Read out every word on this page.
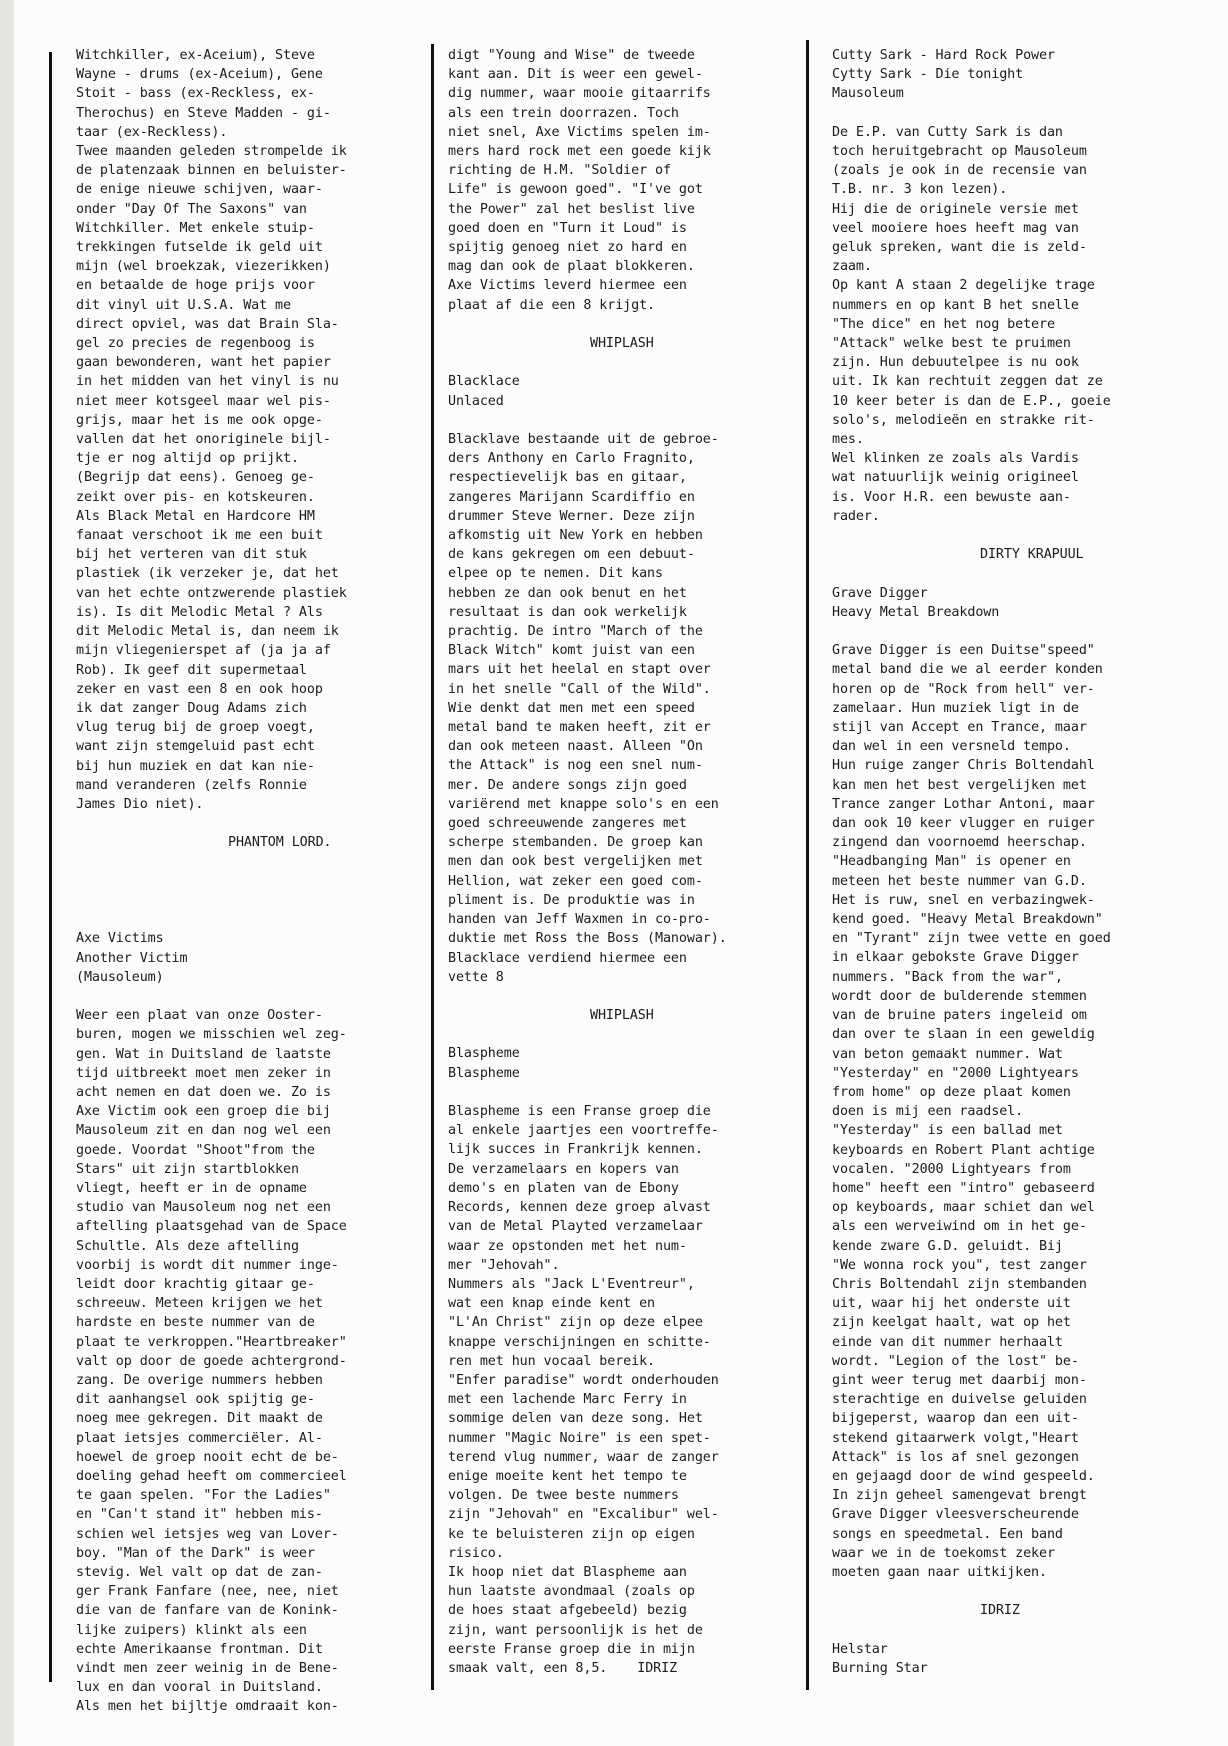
Witchkiller, ex-Aceium), Steve

Wayne - drums (ex-Aceium), Gene

Stoit - bass (ex-Reckless, ex-

Therochus) en Steve Madden - gi-

taar (ex-Reckless).

Twee maanden geleden strompelde ik

de platenzaak binnen en beluister-

de enige nieuwe schijven, waar-

onder "Day Of The Saxons" van

Witchkiller. Met enkele stuip-

trekkingen futselde ik geld uit

mijn (wel broekzak, viezerikken)

en betaalde de hoge prijs voor

dit vinyl uit U.S.A. Wat me

direct opviel, was dat Brain Sla-

gel zo precies de regenboog is

gaan bewonderen, want het papier

in het midden van het vinyl is nu

niet meer kotsgeel maar wel pis-

grijs, maar het is me ook opge-

vallen dat het onoriginele bijl-

tje er nog altijd op prijkt.

(Begrijp dat eens). Genoeg ge-

zeikt over pis- en kotskeuren.

Als Black Metal en Hardcore HM

fanaat verschoot ik me een buit

bij het verteren van dit stuk

plastiek (ik verzeker je, dat het

van het echte ontzwerende plastiek

is). Is dit Melodic Metal ? Als

dit Melodic Metal is, dan neem ik

mijn vliegenierspet af (ja ja af

Rob). Ik geef dit supermetaal

zeker en vast een 8 en ook hoop

ik dat zanger Doug Adams zich

vlug terug bij de groep voegt,

want zijn stemgeluid past echt

bij hun muziek en dat kan nie-

mand veranderen (zelfs Ronnie

James Dio niet).

PHANTOM LORD.

Axe Victims

Another Victim

(Mausoleum)

Weer een plaat van onze Ooster-

buren, mogen we misschien wel zeg-

gen. Wat in Duitsland de laatste

tijd uitbreekt moet men zeker in

acht nemen en dat doen we. Zo is

Axe Victim ook een groep die bij

Mausoleum zit en dan nog wel een

goede. Voordat "Shoot"from the

Stars" uit zijn startblokken

vliegt, heeft er in de opname

studio van Mausoleum nog net een

aftelling plaatsgehad van de Space

Schultle. Als deze aftelling

voorbij is wordt dit nummer inge-

leidt door krachtig gitaar ge-

schreeuw. Meteen krijgen we het

hardste en beste nummer van de

plaat te verkroppen."Heartbreaker"

valt op door de goede achtergrond-

zang. De overige nummers hebben

dit aanhangsel ook spijtig ge-

noeg mee gekregen. Dit maakt de

plaat ietsjes commerciëler. Al-

hoewel de groep nooit echt de be-

doeling gehad heeft om commercieel

te gaan spelen. "For the Ladies"

en "Can't stand it" hebben mis-

schien wel ietsjes weg van Lover-

boy. "Man of the Dark" is weer

stevig. Wel valt op dat de zan-

ger Frank Fanfare (nee, nee, niet

die van de fanfare van de Konink-

lijke zuipers) klinkt als een

echte Amerikaanse frontman. Dit

vindt men zeer weinig in de Bene-

lux en dan vooral in Duitsland.

Als men het bijltje omdraait kon-

digt "Young and Wise" de tweede

kant aan. Dit is weer een gewel-

dig nummer, waar mooie gitaarrifs

als een trein doorrazen. Toch

niet snel, Axe Victims spelen im-

mers hard rock met een goede kijk

richting de H.M. "Soldier of

Life" is gewoon goed". "I've got

the Power" zal het beslist live

goed doen en "Turn it Loud" is

spijtig genoeg niet zo hard en

mag dan ook de plaat blokkeren.

Axe Victims leverd hiermee een

plaat af die een 8 krijgt.

WHIPLASH

Blacklace

Unlaced

Blacklave bestaande uit de gebroe-

ders Anthony en Carlo Fragnito,

respectievelijk bas en gitaar,

zangeres Marijann Scardiffio en

drummer Steve Werner. Deze zijn

afkomstig uit New York en hebben

de kans gekregen om een debuut-

elpee op te nemen. Dit kans

hebben ze dan ook benut en het

resultaat is dan ook werkelijk

prachtig. De intro "March of the

Black Witch" komt juist van een

mars uit het heelal en stapt over

in het snelle "Call of the Wild".

Wie denkt dat men met een speed

metal band te maken heeft, zit er

dan ook meteen naast. Alleen "On

the Attack" is nog een snel num-

mer. De andere songs zijn goed

variërend met knappe solo's en een

goed schreeuwende zangeres met

scherpe stembanden. De groep kan

men dan ook best vergelijken met

Hellion, wat zeker een goed com-

pliment is. De produktie was in

handen van Jeff Waxmen in co-pro-

duktie met Ross the Boss (Manowar).

Blacklace verdiend hiermee een

vette 8

WHIPLASH

Blaspheme

Blaspheme

Blaspheme is een Franse groep die

al enkele jaartjes een voortreffe-

lijk succes in Frankrijk kennen.

De verzamelaars en kopers van

demo's en platen van de Ebony

Records, kennen deze groep alvast

van de Metal Playted verzamelaar

waar ze opstonden met het num-

mer "Jehovah".

Nummers als "Jack L'Eventreur",

wat een knap einde kent en

"L'An Christ" zijn op deze elpee

knappe verschijningen en schitte-

ren met hun vocaal bereik.

"Enfer paradise" wordt onderhouden

met een lachende Marc Ferry in

sommige delen van deze song. Het

nummer "Magic Noire" is een spet-

terend vlug nummer, waar de zanger

enige moeite kent het tempo te

volgen. De twee beste nummers

zijn "Jehovah" en "Excalibur" wel-

ke te beluisteren zijn op eigen

risico.

Ik hoop niet dat Blaspheme aan

hun laatste avondmaal (zoals op

de hoes staat afgebeeld) bezig

zijn, want persoonlijk is het de

eerste Franse groep die in mijn

smaak valt, een 8,5. IDRIZ

Cutty Sark - Hard Rock Power

Cytty Sark - Die tonight

Mausoleum

De E.P. van Cutty Sark is dan

toch heruitgebracht op Mausoleum

(zoals je ook in de recensie van

T.B. nr. 3 kon lezen).

Hij die de originele versie met

veel mooiere hoes heeft mag van

geluk spreken, want die is zeld-

zaam.

Op kant A staan 2 degelijke trage

nummers en op kant B het snelle

"The dice" en het nog betere

"Attack" welke best te pruimen

zijn. Hun debuutelpee is nu ook

uit. Ik kan rechtuit zeggen dat ze

10 keer beter is dan de E.P., goeie

solo's, melodieën en strakke rit-

mes.

Wel klinken ze zoals als Vardis

wat natuurlijk weinig origineel

is. Voor H.R. een bewuste aan-

rader.

DIRTY KRAPUUL

Grave Digger

Heavy Metal Breakdown

Grave Digger is een Duitse"speed"

metal band die we al eerder konden

horen op de "Rock from hell" ver-

zamelaar. Hun muziek ligt in de

stijl van Accept en Trance, maar

dan wel in een versneld tempo.

Hun ruige zanger Chris Boltendahl

kan men het best vergelijken met

Trance zanger Lothar Antoni, maar

dan ook 10 keer vlugger en ruiger

zingend dan voornoemd heerschap.

"Headbanging Man" is opener en

meteen het beste nummer van G.D.

Het is ruw, snel en verbazingwek-

kend goed. "Heavy Metal Breakdown"

en "Tyrant" zijn twee vette en goed

in elkaar gebokste Grave Digger

nummers. "Back from the war",

wordt door de bulderende stemmen

van de bruine paters ingeleid om

dan over te slaan in een geweldig

van beton gemaakt nummer. Wat

"Yesterday" en "2000 Lightyears

from home" op deze plaat komen

doen is mij een raadsel.

"Yesterday" is een ballad met

keyboards en Robert Plant achtige

vocalen. "2000 Lightyears from

home" heeft een "intro" gebaseerd

op keyboards, maar schiet dan wel

als een werveiwind om in het ge-

kende zware G.D. geluidt. Bij

"We wonna rock you", test zanger

Chris Boltendahl zijn stembanden

uit, waar hij het onderste uit

zijn keelgat haalt, wat op het

einde van dit nummer herhaalt

wordt. "Legion of the lost" be-

gint weer terug met daarbij mon-

sterachtige en duivelse geluiden

bijgeperst, waarop dan een uit-

stekend gitaarwerk volgt,"Heart

Attack" is los af snel gezongen

en gejaagd door de wind gespeeld.

In zijn geheel samengevat brengt

Grave Digger vleesverscheurende

songs en speedmetal. Een band

waar we in de toekomst zeker

moeten gaan naar uitkijken.

IDRIZ

Helstar

Burning Star
